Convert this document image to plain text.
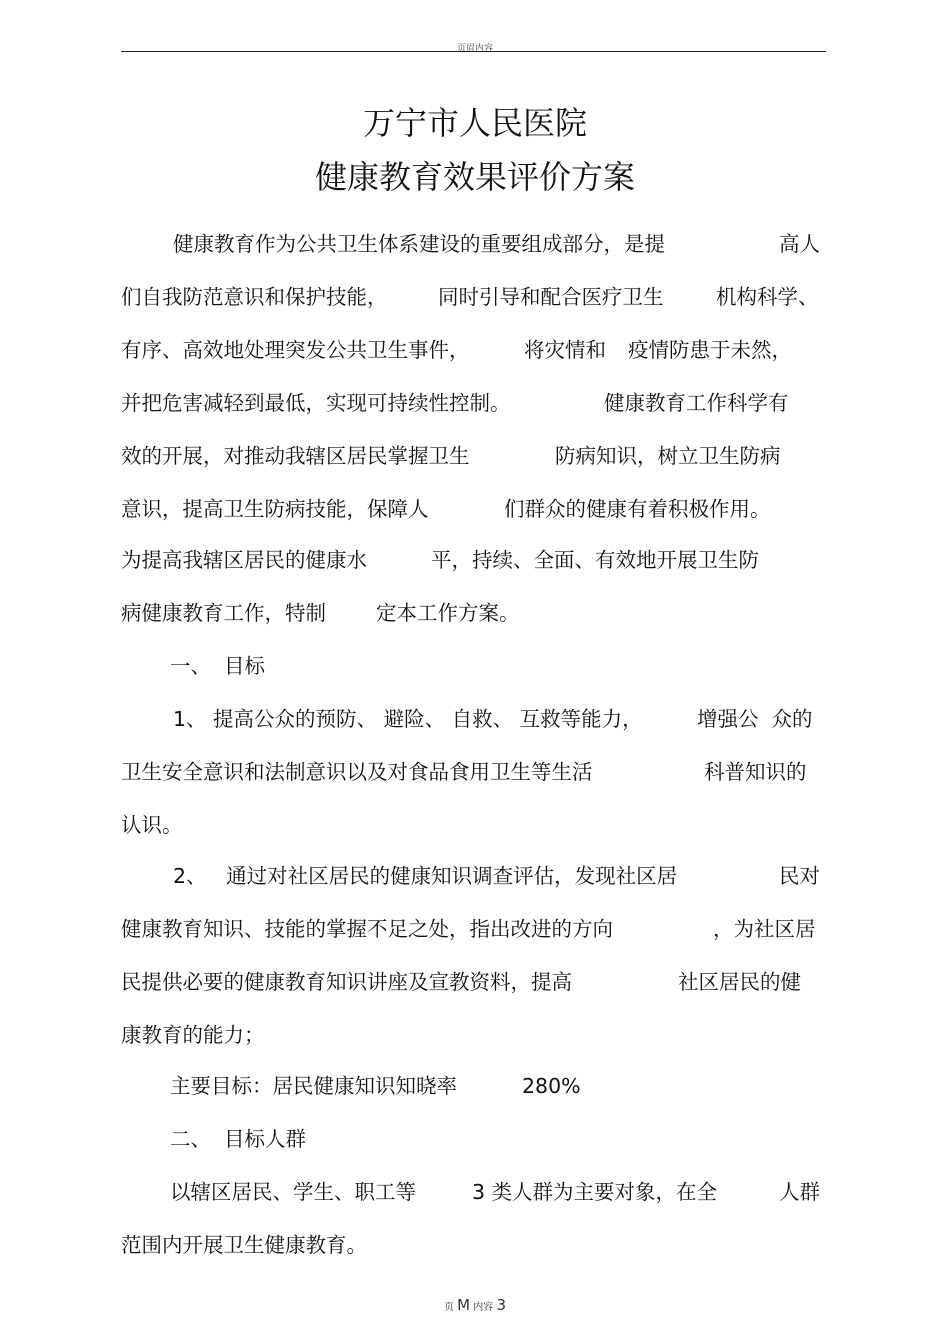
页眉内容
万宁市人民医院
健康教育效果评价方案
健康教育作为公共卫生体系建设的重要组成部分，是提	高人
们自我防范意识和保护技能， 同时引导和配合医疗卫生	机构科学、
有序、高效地处理突发公共卫生事件，	将灾情和 疫情防患于未然，
并把危害减轻到最低，实现可持续性控制。	健康教育工作科学有
效的开展，对推动我辖区居民掌握卫生	防病知识，树立卫生防病
意识，提高卫生防病技能，保障人	们群众的健康有着积极作用。
为提高我辖区居民的健康水	平，持续、全面、有效地开展卫生防
病健康教育工作，特制 定本工作方案。
一、  目标
1、 提高公众的预防、 避险、 自救、 互救等能力，	增强公  众的
卫生安全意识和法制意识以及对食品食用卫生等生活	科普知识的
认识。
2、   通过对社区居民的健康知识调查评估，发现社区居	民对
健康教育知识、技能的掌握不足之处，指出改进的方向	，为社区居
民提供必要的健康教育知识讲座及宣教资料，提高	社区居民的健
康教育的能力；
主要目标：居民健康知识知晓率	280%
二、  目标人群
以辖区居民、学生、职工等	3 类人群为主要对象，在全	人群
范围内开展卫生健康教育。
页 M 内容 3
